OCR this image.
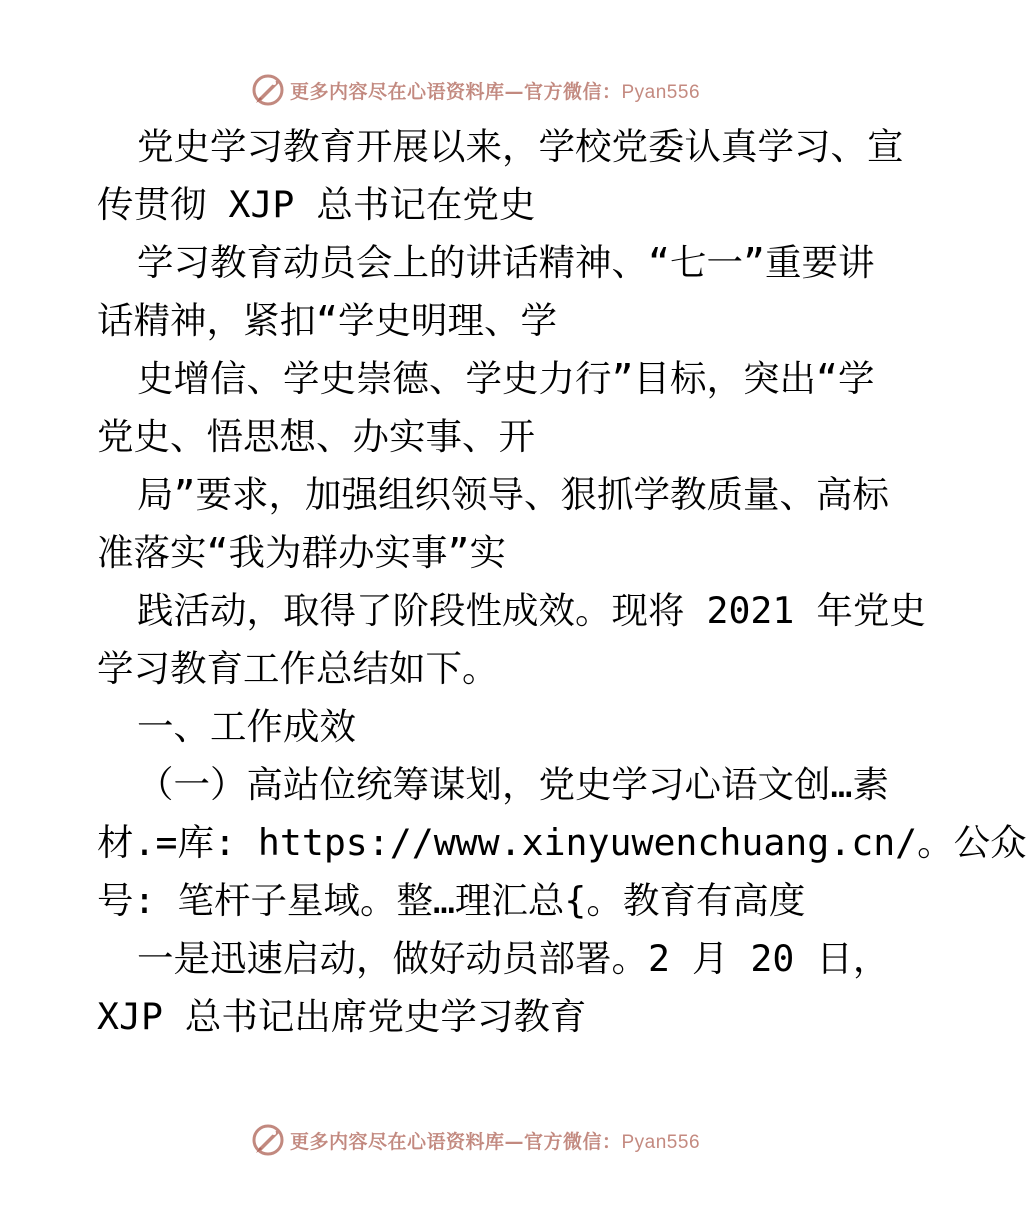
更多内容尽在心语资料库—官方微信：Pyan556
党史学习教育开展以来，学校党委认真学习、宣
传贯彻 XJP 总书记在党史
学习教育动员会上的讲话精神、“七一”重要讲
话精神，紧扣“学史明理、学
史增信、学史崇德、学史力行”目标，突出“学
党史、悟思想、办实事、开
局”要求，加强组织领导、狠抓学教质量、高标
准落实“我为群办实事”实
践活动，取得了阶段性成效。现将 2021 年党史
学习教育工作总结如下。
一、工作成效
（一）高站位统筹谋划，党史学习心语文创…素
材.=库: https://www.xinyuwenchuang.cn/。公众
号: 笔杆子星域。整…理汇总{。教育有高度
一是迅速启动，做好动员部署。2 月 20 日，
XJP 总书记出席党史学习教育
更多内容尽在心语资料库—官方微信：Pyan556
